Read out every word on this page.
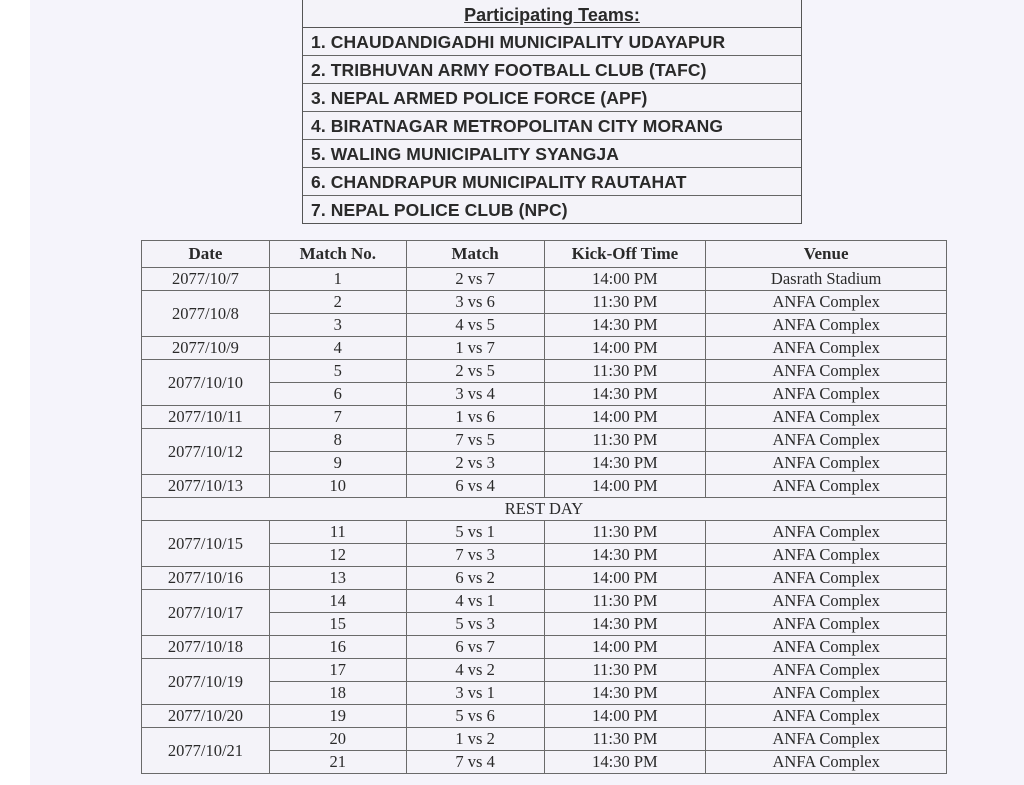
Participating Teams:
1. CHAUDANDIGADHI MUNICIPALITY UDAYAPUR
2. TRIBHUVAN ARMY FOOTBALL CLUB (TAFC)
3. NEPAL ARMED POLICE FORCE (APF)
4. BIRATNAGAR METROPOLITAN CITY MORANG
5. WALING MUNICIPALITY SYANGJA
6. CHANDRAPUR MUNICIPALITY RAUTAHAT
7. NEPAL POLICE CLUB (NPC)
Date	Match No.	Match	Kick-Off Time	Venue
2077/10/7	1	2 vs 7	14:00 PM	Dasrath Stadium
2077/10/8	2	3 vs 6	11:30 PM	ANFA Complex
	3	4 vs 5	14:30 PM	ANFA Complex
2077/10/9	4	1 vs 7	14:00 PM	ANFA Complex
2077/10/10	5	2 vs 5	11:30 PM	ANFA Complex
	6	3 vs 4	14:30 PM	ANFA Complex
2077/10/11	7	1 vs 6	14:00 PM	ANFA Complex
2077/10/12	8	7 vs 5	11:30 PM	ANFA Complex
	9	2 vs 3	14:30 PM	ANFA Complex
2077/10/13	10	6 vs 4	14:00 PM	ANFA Complex
REST DAY				
2077/10/15	11	5 vs 1	11:30 PM	ANFA Complex
	12	7 vs 3	14:30 PM	ANFA Complex
2077/10/16	13	6 vs 2	14:00 PM	ANFA Complex
2077/10/17	14	4 vs 1	11:30 PM	ANFA Complex
	15	5 vs 3	14:30 PM	ANFA Complex
2077/10/18	16	6 vs 7	14:00 PM	ANFA Complex
2077/10/19	17	4 vs 2	11:30 PM	ANFA Complex
	18	3 vs 1	14:30 PM	ANFA Complex
2077/10/20	19	5 vs 6	14:00 PM	ANFA Complex
2077/10/21	20	1 vs 2	11:30 PM	ANFA Complex
	21	7 vs 4	14:30 PM	ANFA Complex
